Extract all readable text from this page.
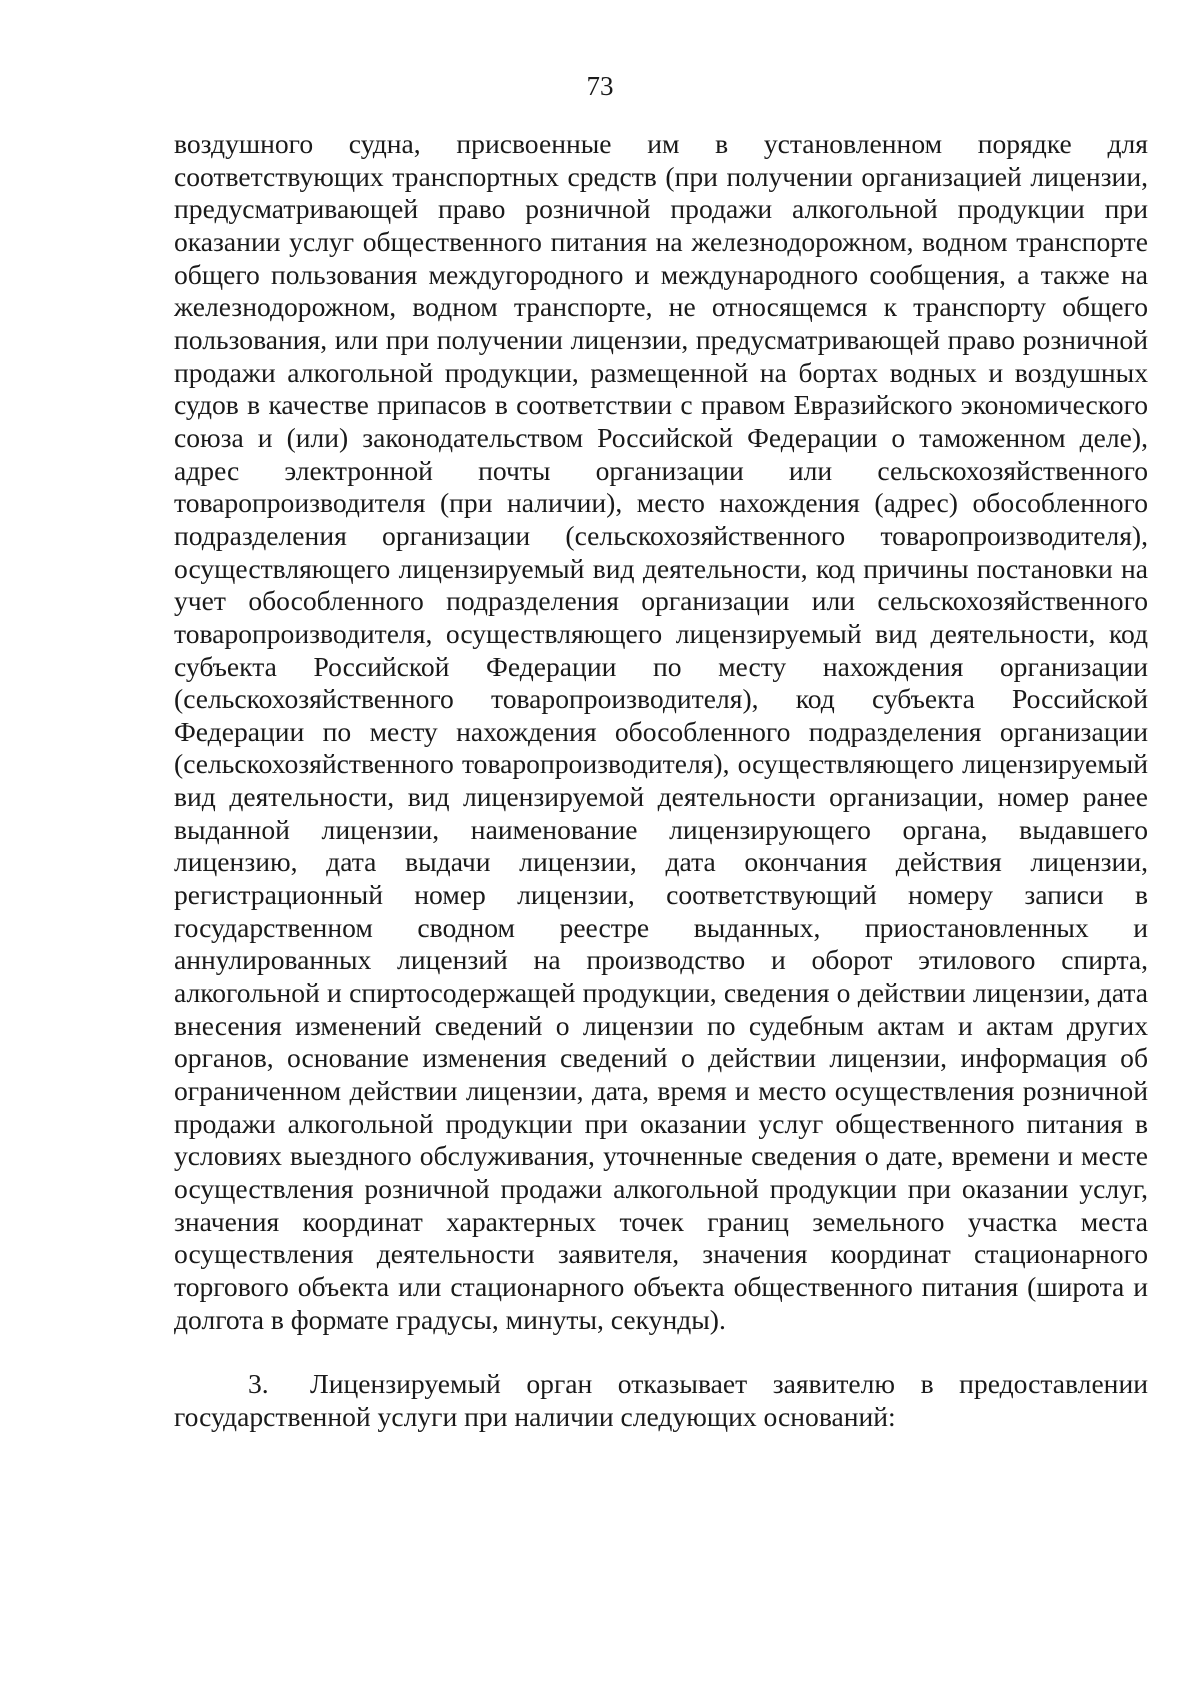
73

воздушного судна, присвоенные им в установленном порядке для соответствующих транспортных средств (при получении организацией лицензии, предусматривающей право розничной продажи алкогольной продукции при оказании услуг общественного питания на железнодорожном, водном транспорте общего пользования междугородного и международного сообщения, а также на железнодорожном, водном транспорте, не относящемся к транспорту общего пользования, или при получении лицензии, предусматривающей право розничной продажи алкогольной продукции, размещенной на бортах водных и воздушных судов в качестве припасов в соответствии с правом Евразийского экономического союза и (или) законодательством Российской Федерации о таможенном деле), адрес электронной почты организации или сельскохозяйственного товаропроизводителя (при наличии), место нахождения (адрес) обособленного подразделения организации (сельскохозяйственного товаропроизводителя), осуществляющего лицензируемый вид деятельности, код причины постановки на учет обособленного подразделения организации или сельскохозяйственного товаропроизводителя, осуществляющего лицензируемый вид деятельности, код субъекта Российской Федерации по месту нахождения организации (сельскохозяйственного товаропроизводителя), код субъекта Российской Федерации по месту нахождения обособленного подразделения организации (сельскохозяйственного товаропроизводителя), осуществляющего лицензируемый вид деятельности, вид лицензируемой деятельности организации, номер ранее выданной лицензии, наименование лицензирующего органа, выдавшего лицензию, дата выдачи лицензии, дата окончания действия лицензии, регистрационный номер лицензии, соответствующий номеру записи в государственном сводном реестре выданных, приостановленных и аннулированных лицензий на производство и оборот этилового спирта, алкогольной и спиртосодержащей продукции, сведения о действии лицензии, дата внесения изменений сведений о лицензии по судебным актам и актам других органов, основание изменения сведений о действии лицензии, информация об ограниченном действии лицензии, дата, время и место осуществления розничной продажи алкогольной продукции при оказании услуг общественного питания в условиях выездного обслуживания, уточненные сведения о дате, времени и месте осуществления розничной продажи алкогольной продукции при оказании услуг, значения координат характерных точек границ земельного участка места осуществления деятельности заявителя, значения координат стационарного торгового объекта или стационарного объекта общественного питания (широта и долгота в формате градусы, минуты, секунды).

3. Лицензируемый орган отказывает заявителю в предоставлении государственной услуги при наличии следующих оснований:
